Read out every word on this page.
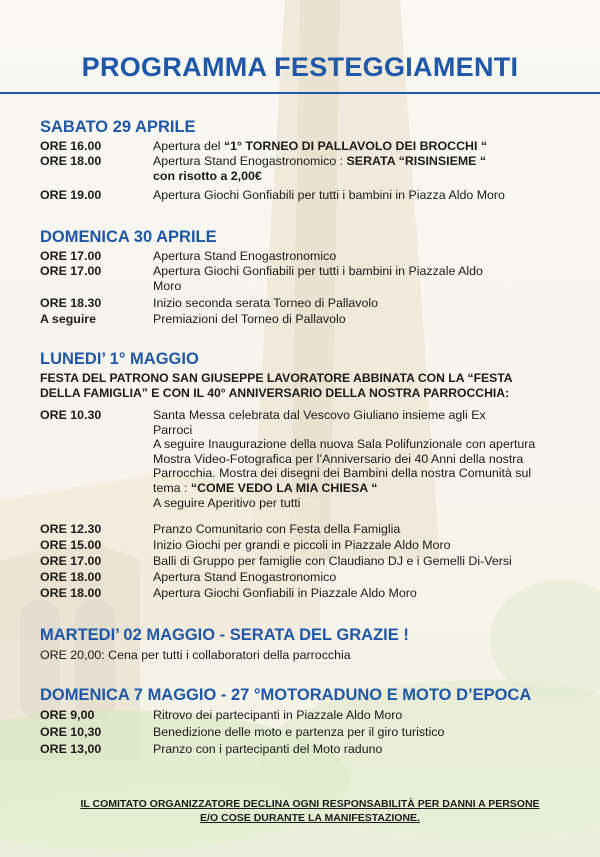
PROGRAMMA FESTEGGIAMENTI
SABATO 29 APRILE
ORE 16.00	Apertura del “1° TORNEO DI PALLAVOLO DEI BROCCHI “
ORE 18.00	Apertura Stand Enogastronomico : SERATA “RISINSIEME “
con risotto a 2,00€
ORE 19.00	Apertura Giochi Gonfiabili per tutti i bambini in Piazza Aldo Moro
DOMENICA 30 APRILE
ORE 17.00	Apertura Stand Enogastronomico
ORE 17.00	Apertura Giochi Gonfiabili per tutti i bambini in Piazzale Aldo
Moro
ORE 18.30	Inizio seconda serata Torneo di Pallavolo
A seguire	Premiazioni del Torneo di Pallavolo
LUNEDI’ 1° MAGGIO
FESTA DEL PATRONO SAN GIUSEPPE LAVORATORE ABBINATA CON LA “FESTA
DELLA FAMIGLIA” E CON IL 40° ANNIVERSARIO DELLA NOSTRA PARROCCHIA:
ORE 10.30	Santa Messa celebrata dal Vescovo Giuliano insieme agli Ex
Parroci
A seguire Inaugurazione della nuova Sala Polifunzionale con apertura
Mostra Video-Fotografica per l’Anniversario dei 40 Anni della nostra
Parrocchia. Mostra dei disegni dei Bambini della nostra Comunità sul
tema : “COME VEDO LA MIA CHIESA “
A seguire Aperitivo per tutti
ORE 12.30	Pranzo Comunitario con Festa della Famiglia
ORE 15.00	Inizio Giochi per grandi e piccoli in Piazzale Aldo Moro
ORE 17.00	Balli di Gruppo per famiglie con Claudiano DJ e i Gemelli Di-Versi
ORE 18.00	Apertura Stand Enogastronomico
ORE 18.00	Apertura Giochi Gonfiabili in Piazzale Aldo Moro
MARTEDI’ 02 MAGGIO - SERATA DEL GRAZIE !
ORE 20,00: Cena per tutti i collaboratori della parrocchia
DOMENICA 7 MAGGIO - 27 °MOTORADUNO E MOTO D’EPOCA
ORE 9,00	Ritrovo dei partecipanti in Piazzale Aldo Moro
ORE 10,30	Benedizione delle moto e partenza per il giro turistico
ORE 13,00	Pranzo con i partecipanti del Moto raduno
IL COMITATO ORGANIZZATORE DECLINA OGNI RESPONSABILITÀ PER DANNI A PERSONE
E/O COSE DURANTE LA MANIFESTAZIONE.
